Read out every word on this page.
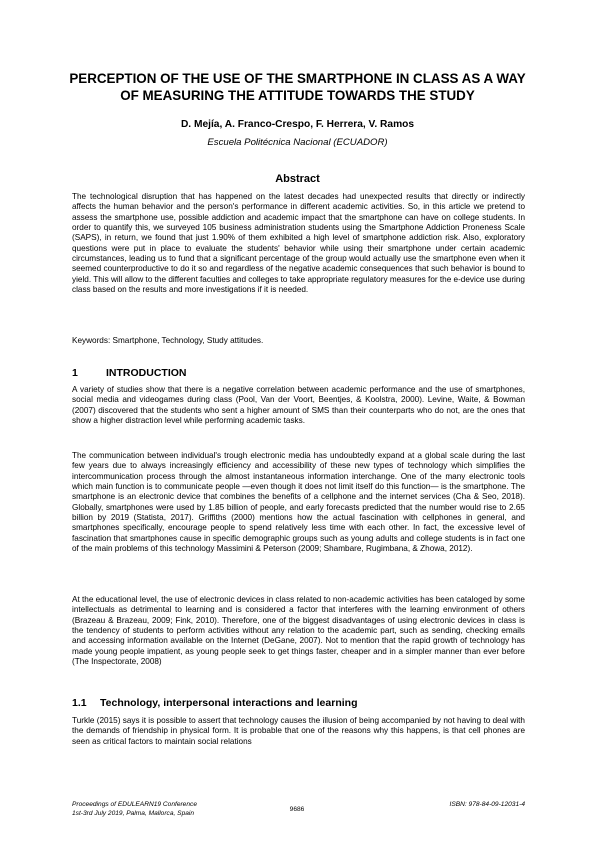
PERCEPTION OF THE USE OF THE SMARTPHONE IN CLASS AS A WAY OF MEASURING THE ATTITUDE TOWARDS THE STUDY

D. Mejía, A. Franco-Crespo, F. Herrera, V. Ramos

Escuela Politécnica Nacional (ECUADOR)

Abstract

The technological disruption that has happened on the latest decades had unexpected results that directly or indirectly affects the human behavior and the person's performance in different academic activities. So, in this article we pretend to assess the smartphone use, possible addiction and academic impact that the smartphone can have on college students. In order to quantify this, we surveyed 105 business administration students using the Smartphone Addiction Proneness Scale (SAPS), in return, we found that just 1.90% of them exhibited a high level of smartphone addiction risk. Also, exploratory questions were put in place to evaluate the students' behavior while using their smartphone under certain academic circumstances, leading us to fund that a significant percentage of the group would actually use the smartphone even when it seemed counterproductive to do it so and regardless of the negative academic consequences that such behavior is bound to yield. This will allow to the different faculties and colleges to take appropriate regulatory measures for the e-device use during class based on the results and more investigations if it is needed.

Keywords: Smartphone, Technology, Study attitudes.

1	INTRODUCTION

A variety of studies show that there is a negative correlation between academic performance and the use of smartphones, social media and videogames during class (Pool, Van der Voort, Beentjes, & Koolstra, 2000). Levine, Waite, & Bowman (2007) discovered that the students who sent a higher amount of SMS than their counterparts who do not, are the ones that show a higher distraction level while performing academic tasks.

The communication between individual's trough electronic media has undoubtedly expand at a global scale during the last few years due to always increasingly efficiency and accessibility of these new types of technology which simplifies the intercommunication process through the almost instantaneous information interchange. One of the many electronic tools which main function is to communicate people —even though it does not limit itself do this function— is the smartphone. The smartphone is an electronic device that combines the benefits of a cellphone and the internet services (Cha & Seo, 2018). Globally, smartphones were used by 1.85 billion of people, and early forecasts predicted that the number would rise to 2.65 billion by 2019 (Statista, 2017). Griffiths (2000) mentions how the actual fascination with cellphones in general, and smartphones specifically, encourage people to spend relatively less time with each other. In fact, the excessive level of fascination that smartphones cause in specific demographic groups such as young adults and college students is in fact one of the main problems of this technology Massimini & Peterson (2009; Shambare, Rugimbana, & Zhowa, 2012).

At the educational level, the use of electronic devices in class related to non-academic activities has been cataloged by some intellectuals as detrimental to learning and is considered a factor that interferes with the learning environment of others (Brazeau & Brazeau, 2009; Fink, 2010). Therefore, one of the biggest disadvantages of using electronic devices in class is the tendency of students to perform activities without any relation to the academic part, such as sending, checking emails and accessing information available on the Internet (DeGane, 2007). Not to mention that the rapid growth of technology has made young people impatient, as young people seek to get things faster, cheaper and in a simpler manner than ever before (The Inspectorate, 2008)

1.1 Technology, interpersonal interactions and learning

Turkle (2015) says it is possible to assert that technology causes the illusion of being accompanied by not having to deal with the demands of friendship in physical form. It is probable that one of the reasons why this happens, is that cell phones are seen as critical factors to maintain social relations

Proceedings of EDULEARN19 Conference
1st-3rd July 2019, Palma, Mallorca, Spain	9686
ISBN: 978-84-09-12031-4
